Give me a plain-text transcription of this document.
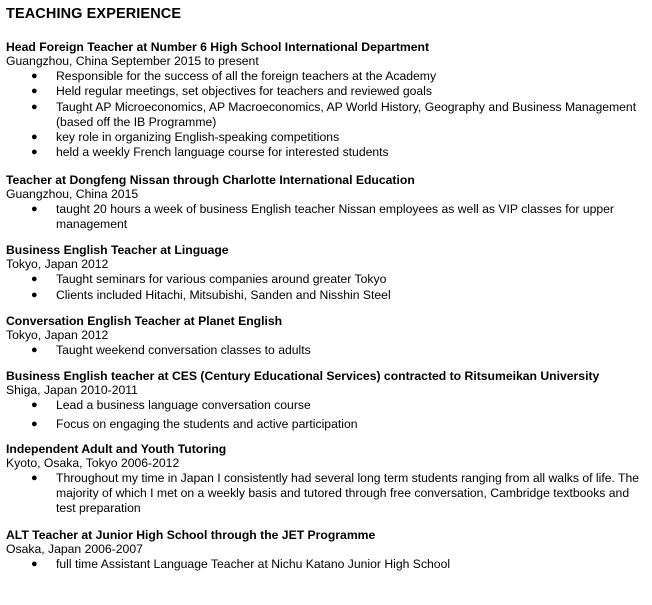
TEACHING EXPERIENCE
Head Foreign Teacher at Number 6 High School International Department
Guangzhou, China September 2015 to present
● Responsible for the success of all the foreign teachers at the Academy
● Held regular meetings, set objectives for teachers and reviewed goals
● Taught AP Microeconomics, AP Macroeconomics, AP World History, Geography and Business Management (based off the IB Programme)
● key role in organizing English-speaking competitions
● held a weekly French language course for interested students
Teacher at Dongfeng Nissan through Charlotte International Education
Guangzhou, China 2015
● taught 20 hours a week of business English teacher Nissan employees as well as VIP classes for upper management
Business English Teacher at Linguage
Tokyo, Japan 2012
● Taught seminars for various companies around greater Tokyo
● Clients included Hitachi, Mitsubishi, Sanden and Nisshin Steel
Conversation English Teacher at Planet English
Tokyo, Japan 2012
● Taught weekend conversation classes to adults
Business English teacher at CES (Century Educational Services) contracted to Ritsumeikan University
Shiga, Japan 2010-2011
● Lead a business language conversation course
● Focus on engaging the students and active participation
Independent Adult and Youth Tutoring
Kyoto, Osaka, Tokyo 2006-2012
● Throughout my time in Japan I consistently had several long term students ranging from all walks of life. The majority of which I met on a weekly basis and tutored through free conversation, Cambridge textbooks and test preparation
ALT Teacher at Junior High School through the JET Programme
Osaka, Japan 2006-2007
● full time Assistant Language Teacher at Nichu Katano Junior High School
